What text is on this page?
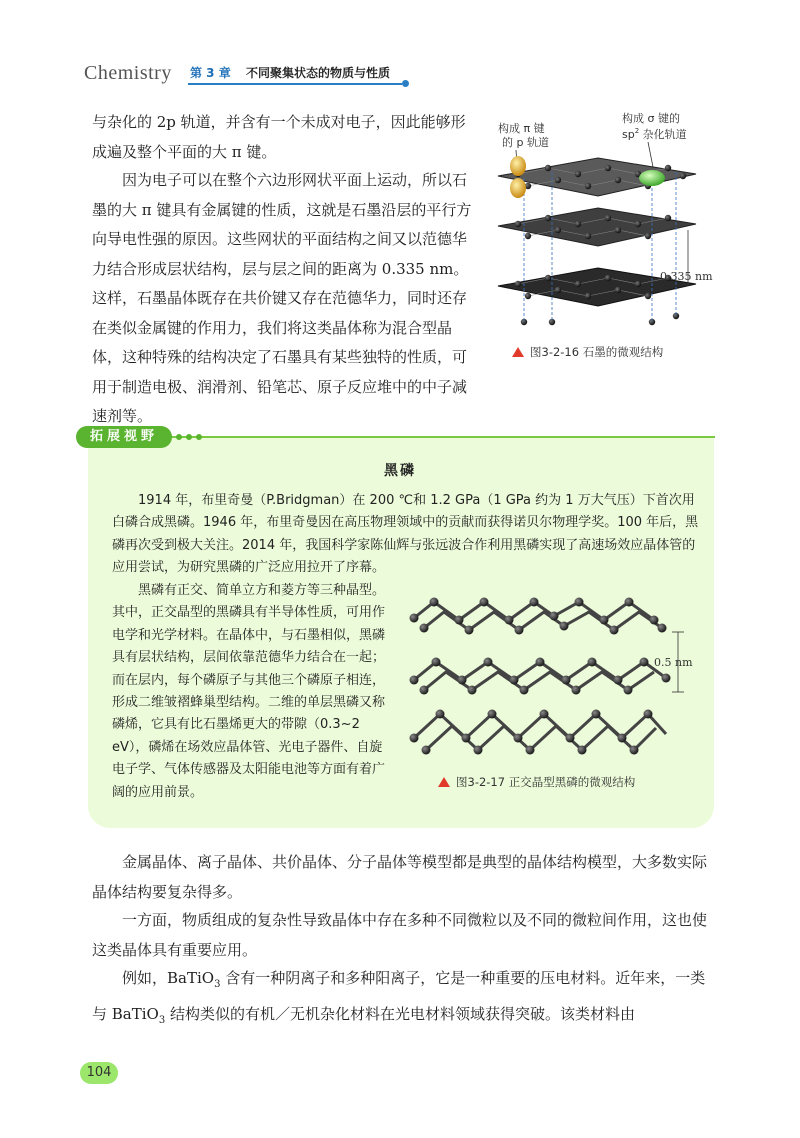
Chemistry 第 3 章 不同聚集状态的物质与性质
与杂化的 2p 轨道，并含有一个未成对电子，因此能够形成遍及整个平面的大 π 键。
因为电子可以在整个六边形网状平面上运动，所以石墨的大 π 键具有金属键的性质，这就是石墨沿层的平行方向导电性强的原因。这些网状的平面结构之间又以范德华力结合形成层状结构，层与层之间的距离为 0.335 nm。这样，石墨晶体既存在共价键又存在范德华力，同时还存在类似金属键的作用力，我们将这类晶体称为混合型晶体，这种特殊的结构决定了石墨具有某些独特的性质，可用于制造电极、润滑剂、铅笔芯、原子反应堆中的中子减速剂等。
构成 π 键
的 p 轨道
构成 σ 键的
$sp^2$ 杂化轨道
0.335 nm
图3-2-16 石墨的微观结构
拓展视野
黑磷
1914 年，布里奇曼（P.Bridgman）在 200 ℃和 1.2 GPa（1 GPa 约为 1 万大气压）下首次用白磷合成黑磷。1946 年，布里奇曼因在高压物理领域中的贡献而获得诺贝尔物理学奖。100 年后，黑磷再次受到极大关注。2014 年，我国科学家陈仙辉与张远波合作利用黑磷实现了高速场效应晶体管的应用尝试，为研究黑磷的广泛应用拉开了序幕。
黑磷有正交、简单立方和菱方等三种晶型。其中，正交晶型的黑磷具有半导体性质，可用作电学和光学材料。在晶体中，与石墨相似，黑磷具有层状结构，层间依靠范德华力结合在一起；而在层内，每个磷原子与其他三个磷原子相连，形成二维皱褶蜂巢型结构。二维的单层黑磷又称磷烯，它具有比石墨烯更大的带隙（0.3~2 eV），磷烯在场效应晶体管、光电子器件、自旋电子学、气体传感器及太阳能电池等方面有着广阔的应用前景。
0.5 nm
图3-2-17 正交晶型黑磷的微观结构
金属晶体、离子晶体、共价晶体、分子晶体等模型都是典型的晶体结构模型，大多数实际晶体结构要复杂得多。
一方面，物质组成的复杂性导致晶体中存在多种不同微粒以及不同的微粒间作用，这也使这类晶体具有重要应用。
例如，BaTiO$_3$ 含有一种阴离子和多种阳离子，它是一种重要的压电材料。近年来，一类与 BaTiO$_3$ 结构类似的有机／无机杂化材料在光电材料领域获得突破。该类材料由
104
